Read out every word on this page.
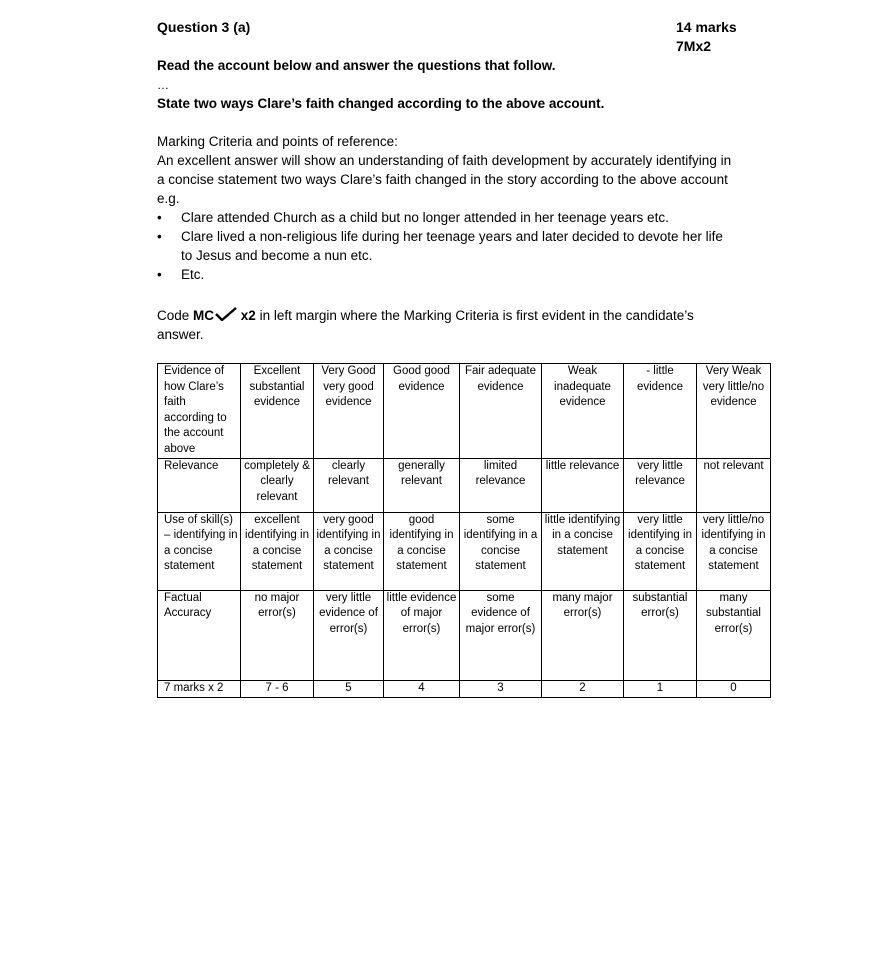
Question 3 (a)	14 marks
7Mx2
Read the account below and answer the questions that follow.
…
State two ways Clare’s faith changed according to the above account.

Marking Criteria and points of reference:

An excellent answer will show an understanding of faith development by accurately identifying in a concise statement two ways Clare’s faith changed in the story according to the above account e.g.

• Clare attended Church as a child but no longer attended in her teenage years etc.
• Clare lived a non-religious life during her teenage years and later decided to devote her life to Jesus and become a nun etc.
• Etc.
Code MC x2 in left margin where the Marking Criteria is first evident in the candidate’s answer.
Evidence of how Clare’s faith according to the account above	Excellent substantial evidence	Very Good very good evidence	Good good evidence	Fair adequate evidence	Weak inadequate evidence	- little evidence	Very Weak very little/no evidence
Relevance	completely & clearly relevant	clearly relevant	generally relevant	limited relevance	little relevance	very little relevance	not relevant
Use of skill(s) – identifying in a concise statement	excellent identifying in a concise statement	very good identifying in a concise statement	good identifying in a concise statement	some identifying in a concise statement	little identifying in a concise statement	very little identifying in a concise statement	very little/no identifying in a concise statement
Factual Accuracy	no major error(s)	very little evidence of error(s)	little evidence of major error(s)	some evidence of major error(s)	many major error(s)	substantial error(s)	many substantial error(s)
7 marks x 2	7 - 6	5	4	3	2	1	0
